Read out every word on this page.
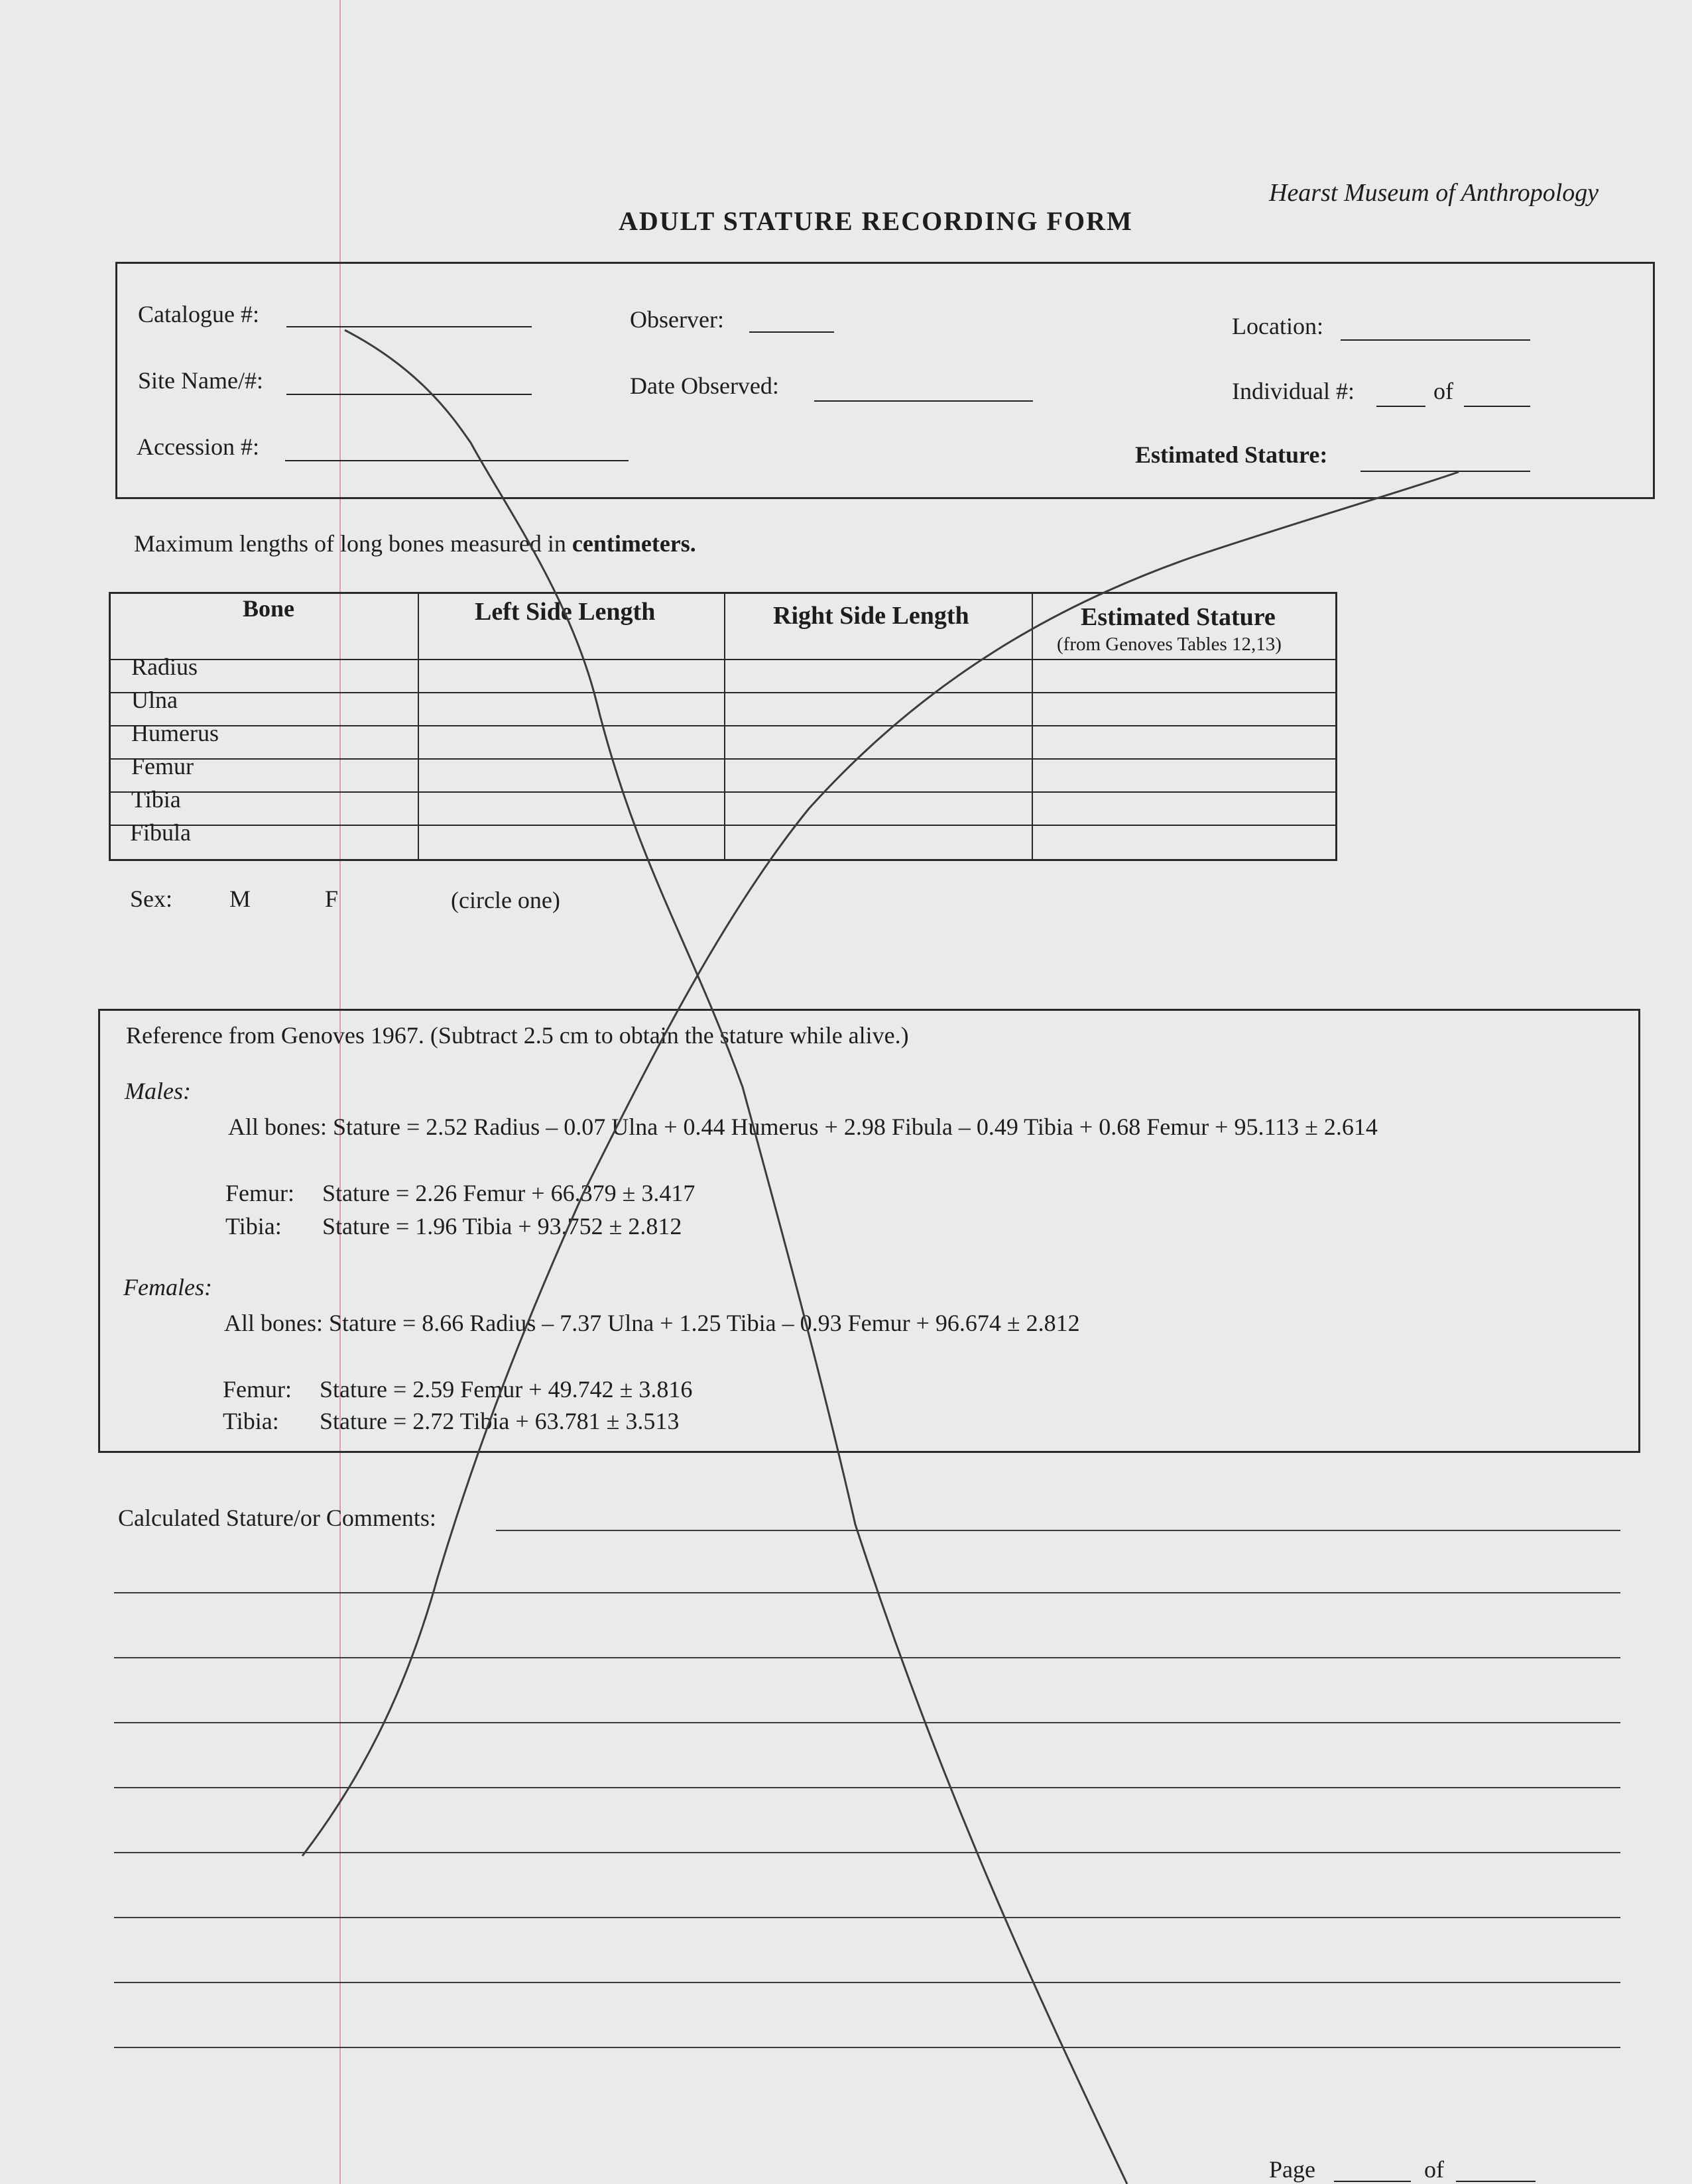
Hearst Museum of Anthropology
ADULT STATURE RECORDING FORM
Catalogue #:	Observer:	Location:
Site Name/#:	Date Observed:	Individual #:	of
Accession #:	Estimated Stature:
Maximum lengths of long bones measured in centimeters.
Bone	Left Side Length	Right Side Length	Estimated Stature
(from Genoves Tables 12,13)
Radius
Ulna
Humerus
Femur
Tibia
Fibula
Sex: M	F	(circle one)
Reference from Genoves 1967. (Subtract 2.5 cm to obtain the stature while alive.)
Males:
All bones: Stature = 2.52 Radius – 0.07 Ulna + 0.44 Humerus + 2.98 Fibula – 0.49 Tibia + 0.68 Femur + 95.113 ± 2.614
Femur: Stature = 2.26 Femur + 66.379 ± 3.417
Tibia: Stature = 1.96 Tibia + 93.752 ± 2.812
Females:
All bones: Stature = 8.66 Radius – 7.37 Ulna + 1.25 Tibia – 0.93 Femur + 96.674 ± 2.812
Femur: Stature = 2.59 Femur + 49.742 ± 3.816
Tibia: Stature = 2.72 Tibia + 63.781 ± 3.513
Calculated Stature/or Comments:
Page	of
